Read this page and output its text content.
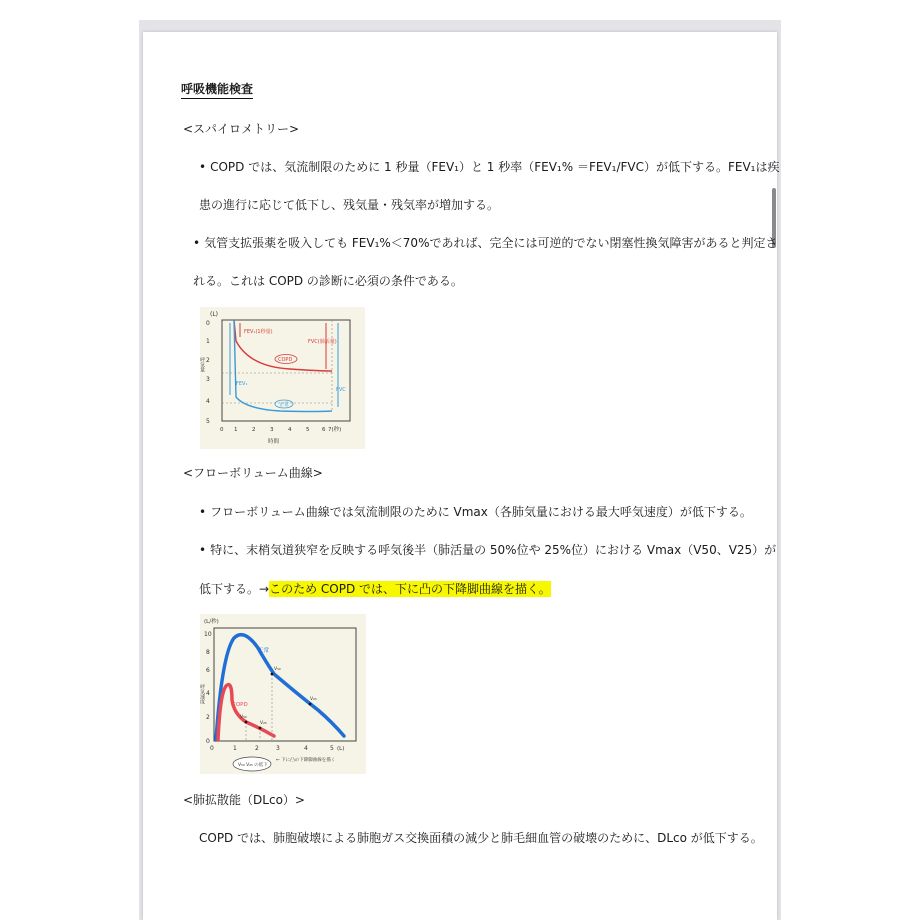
呼吸機能検査
<スパイロメトリー>
• COPD では、気流制限のために 1 秒量（FEV₁）と 1 秒率（FEV₁% ＝FEV₁/FVC）が低下する。FEV₁は疾
患の進行に応じて低下し、残気量・残気率が増加する。
• 気管支拡張薬を吸入しても FEV₁%＜70%であれば、完全には可逆的でない閉塞性換気障害があると判定さ
れる。これは COPD の診断に必須の条件である。
(L)
0
1
2
3
4
5
呼気量
0 1	2	3	4	5 6 7(秒)
時間
FEV₁(1秒量)
FVC(肺活量)
COPD
FEV₁
FVC
正常
<フローボリューム曲線>
• フローボリューム曲線では気流制限のために Vmax（各肺気量における最大呼気速度）が低下する。
• 特に、末梢気道狭窄を反映する呼気後半（肺活量の 50%位や 25%位）における Vmax（V50、V25）が
低下する。→このため COPD では、下に凸の下降脚曲線を描く。
(L/秒)
呼気速度
0
2
4
6
8
10
0	1	2	3	4	5 (L)
正常
COPD
V₅₀
V₂₅
V₅₀
V₂₅
V₅₀ V₂₅ の低下
← 下に凸の下降脚曲線を描く
<肺拡散能（DLco）>
COPD では、肺胞破壊による肺胞ガス交換面積の減少と肺毛細血管の破壊のために、DLco が低下する。
